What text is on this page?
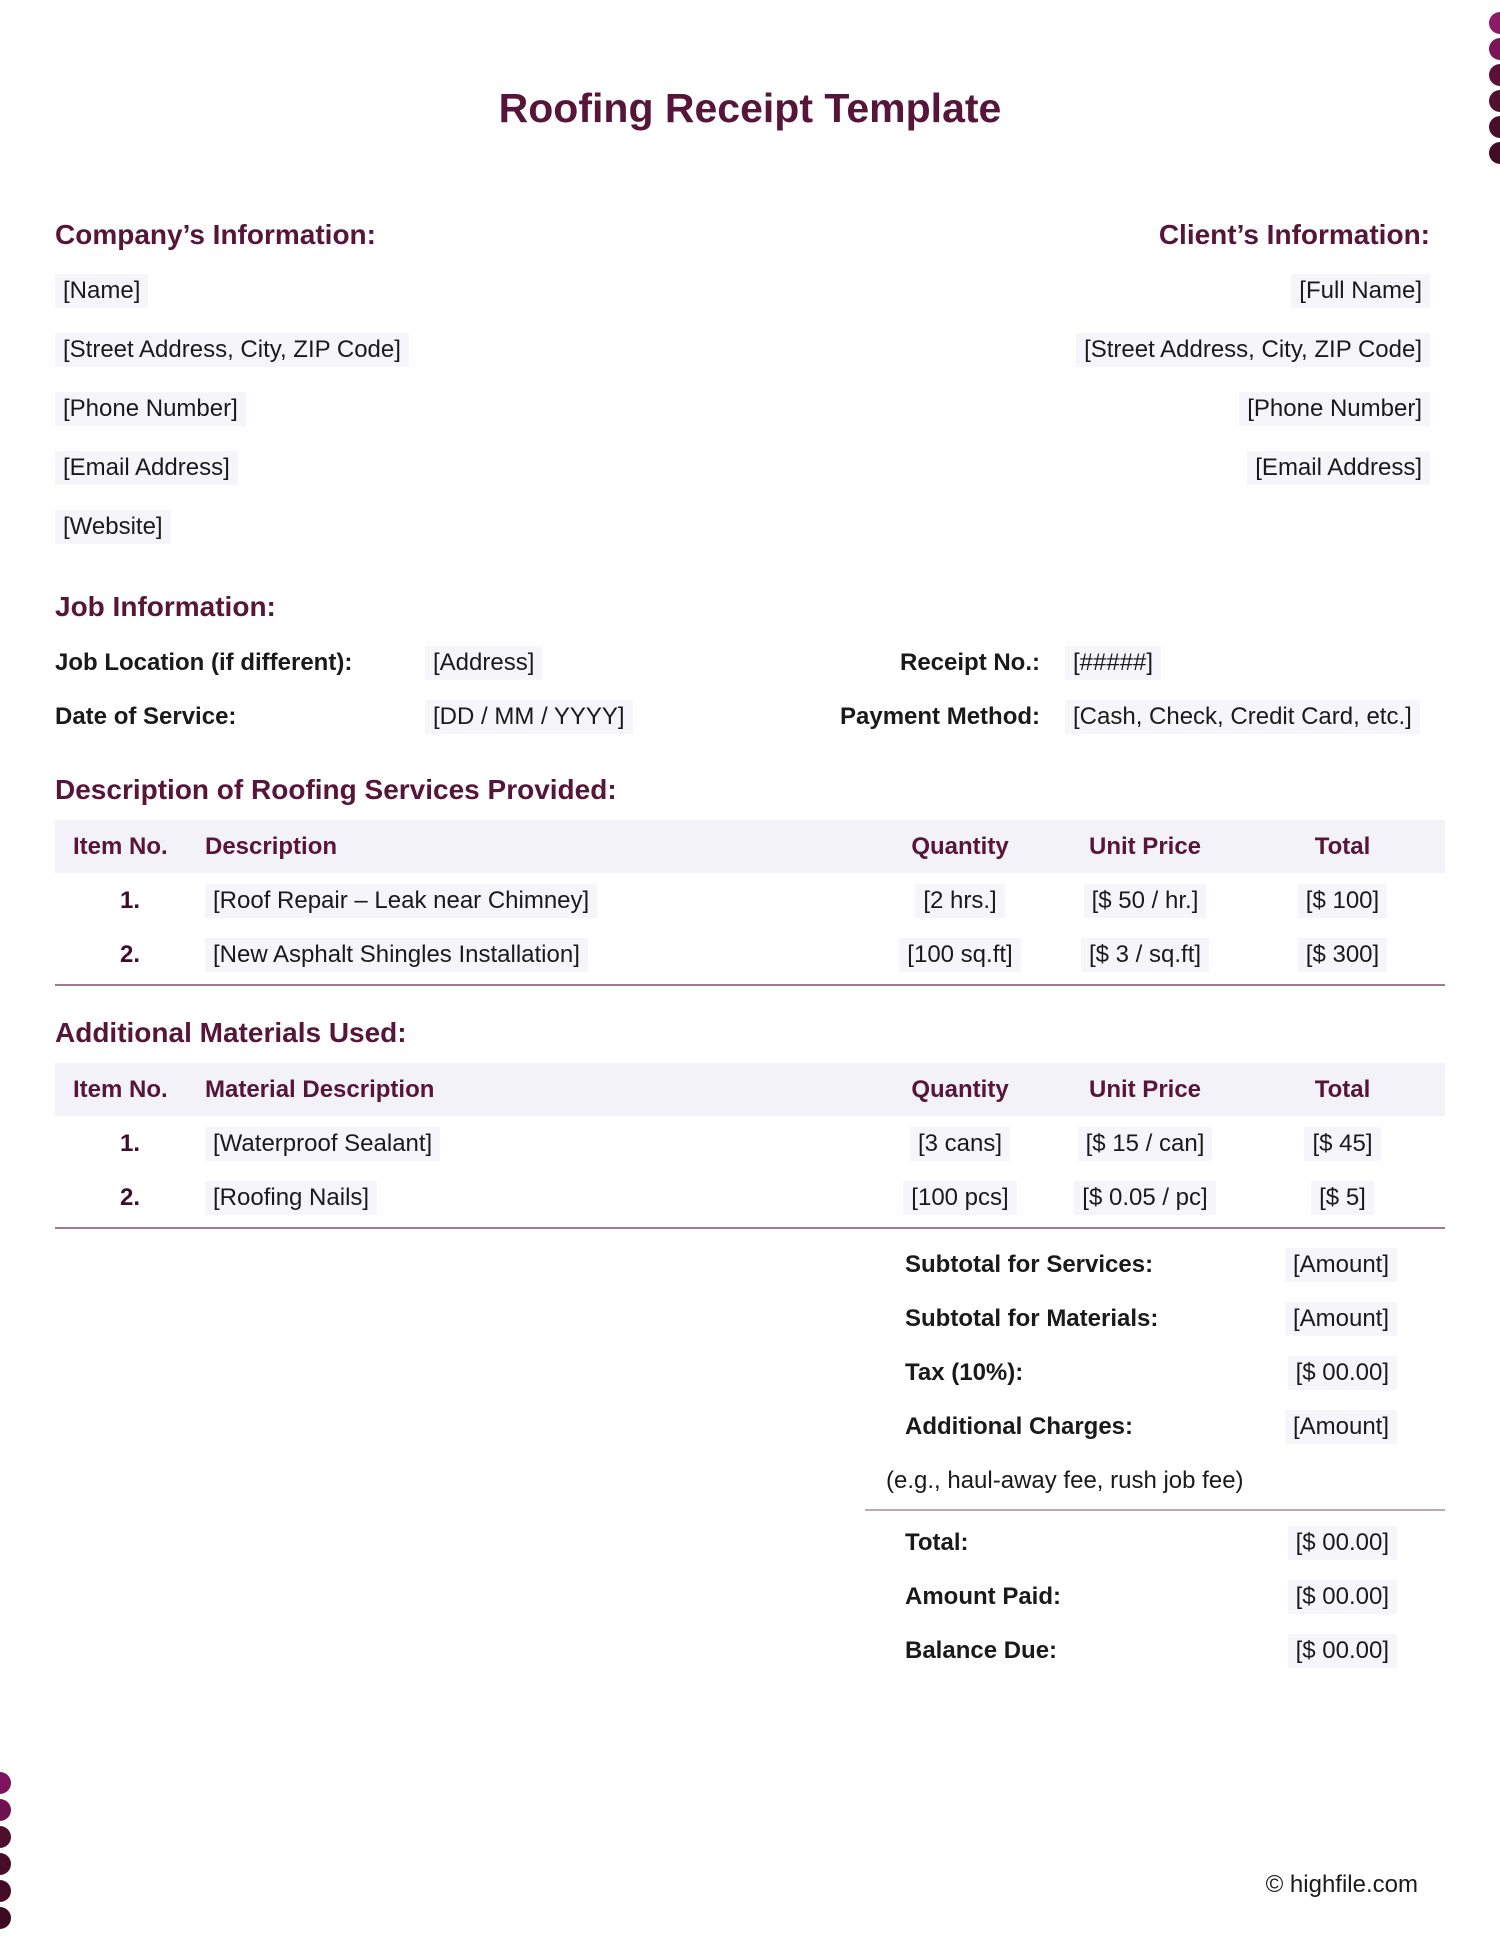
Roofing Receipt Template
Company’s Information:
[Name]
[Street Address, City, ZIP Code]
[Phone Number]
[Email Address]
[Website]
Client’s Information:
[Full Name]
[Street Address, City, ZIP Code]
[Phone Number]
[Email Address]
Job Information:
Job Location (if different):	[Address]	Receipt No.:	[#####]
Date of Service:	[DD / MM / YYYY]	Payment Method:	[Cash, Check, Credit Card, etc.]
Description of Roofing Services Provided:
Item No.	Description	Quantity	Unit Price	Total
1.	[Roof Repair – Leak near Chimney]	[2 hrs.]	[$ 50 / hr.]	[$ 100]
2.	[New Asphalt Shingles Installation]	[100 sq.ft]	[$ 3 / sq.ft]	[$ 300]
Additional Materials Used:
Item No.	Material Description	Quantity	Unit Price	Total
1.	[Waterproof Sealant]	[3 cans]	[$ 15 / can]	[$ 45]
2.	[Roofing Nails]	[100 pcs]	[$ 0.05 / pc]	[$ 5]
Subtotal for Services:	[Amount]
Subtotal for Materials:	[Amount]
Tax (10%):	[$ 00.00]
Additional Charges:	[Amount]
(e.g., haul-away fee, rush job fee)
Total:	[$ 00.00]
Amount Paid:	[$ 00.00]
Balance Due:	[$ 00.00]
© highfile.com
